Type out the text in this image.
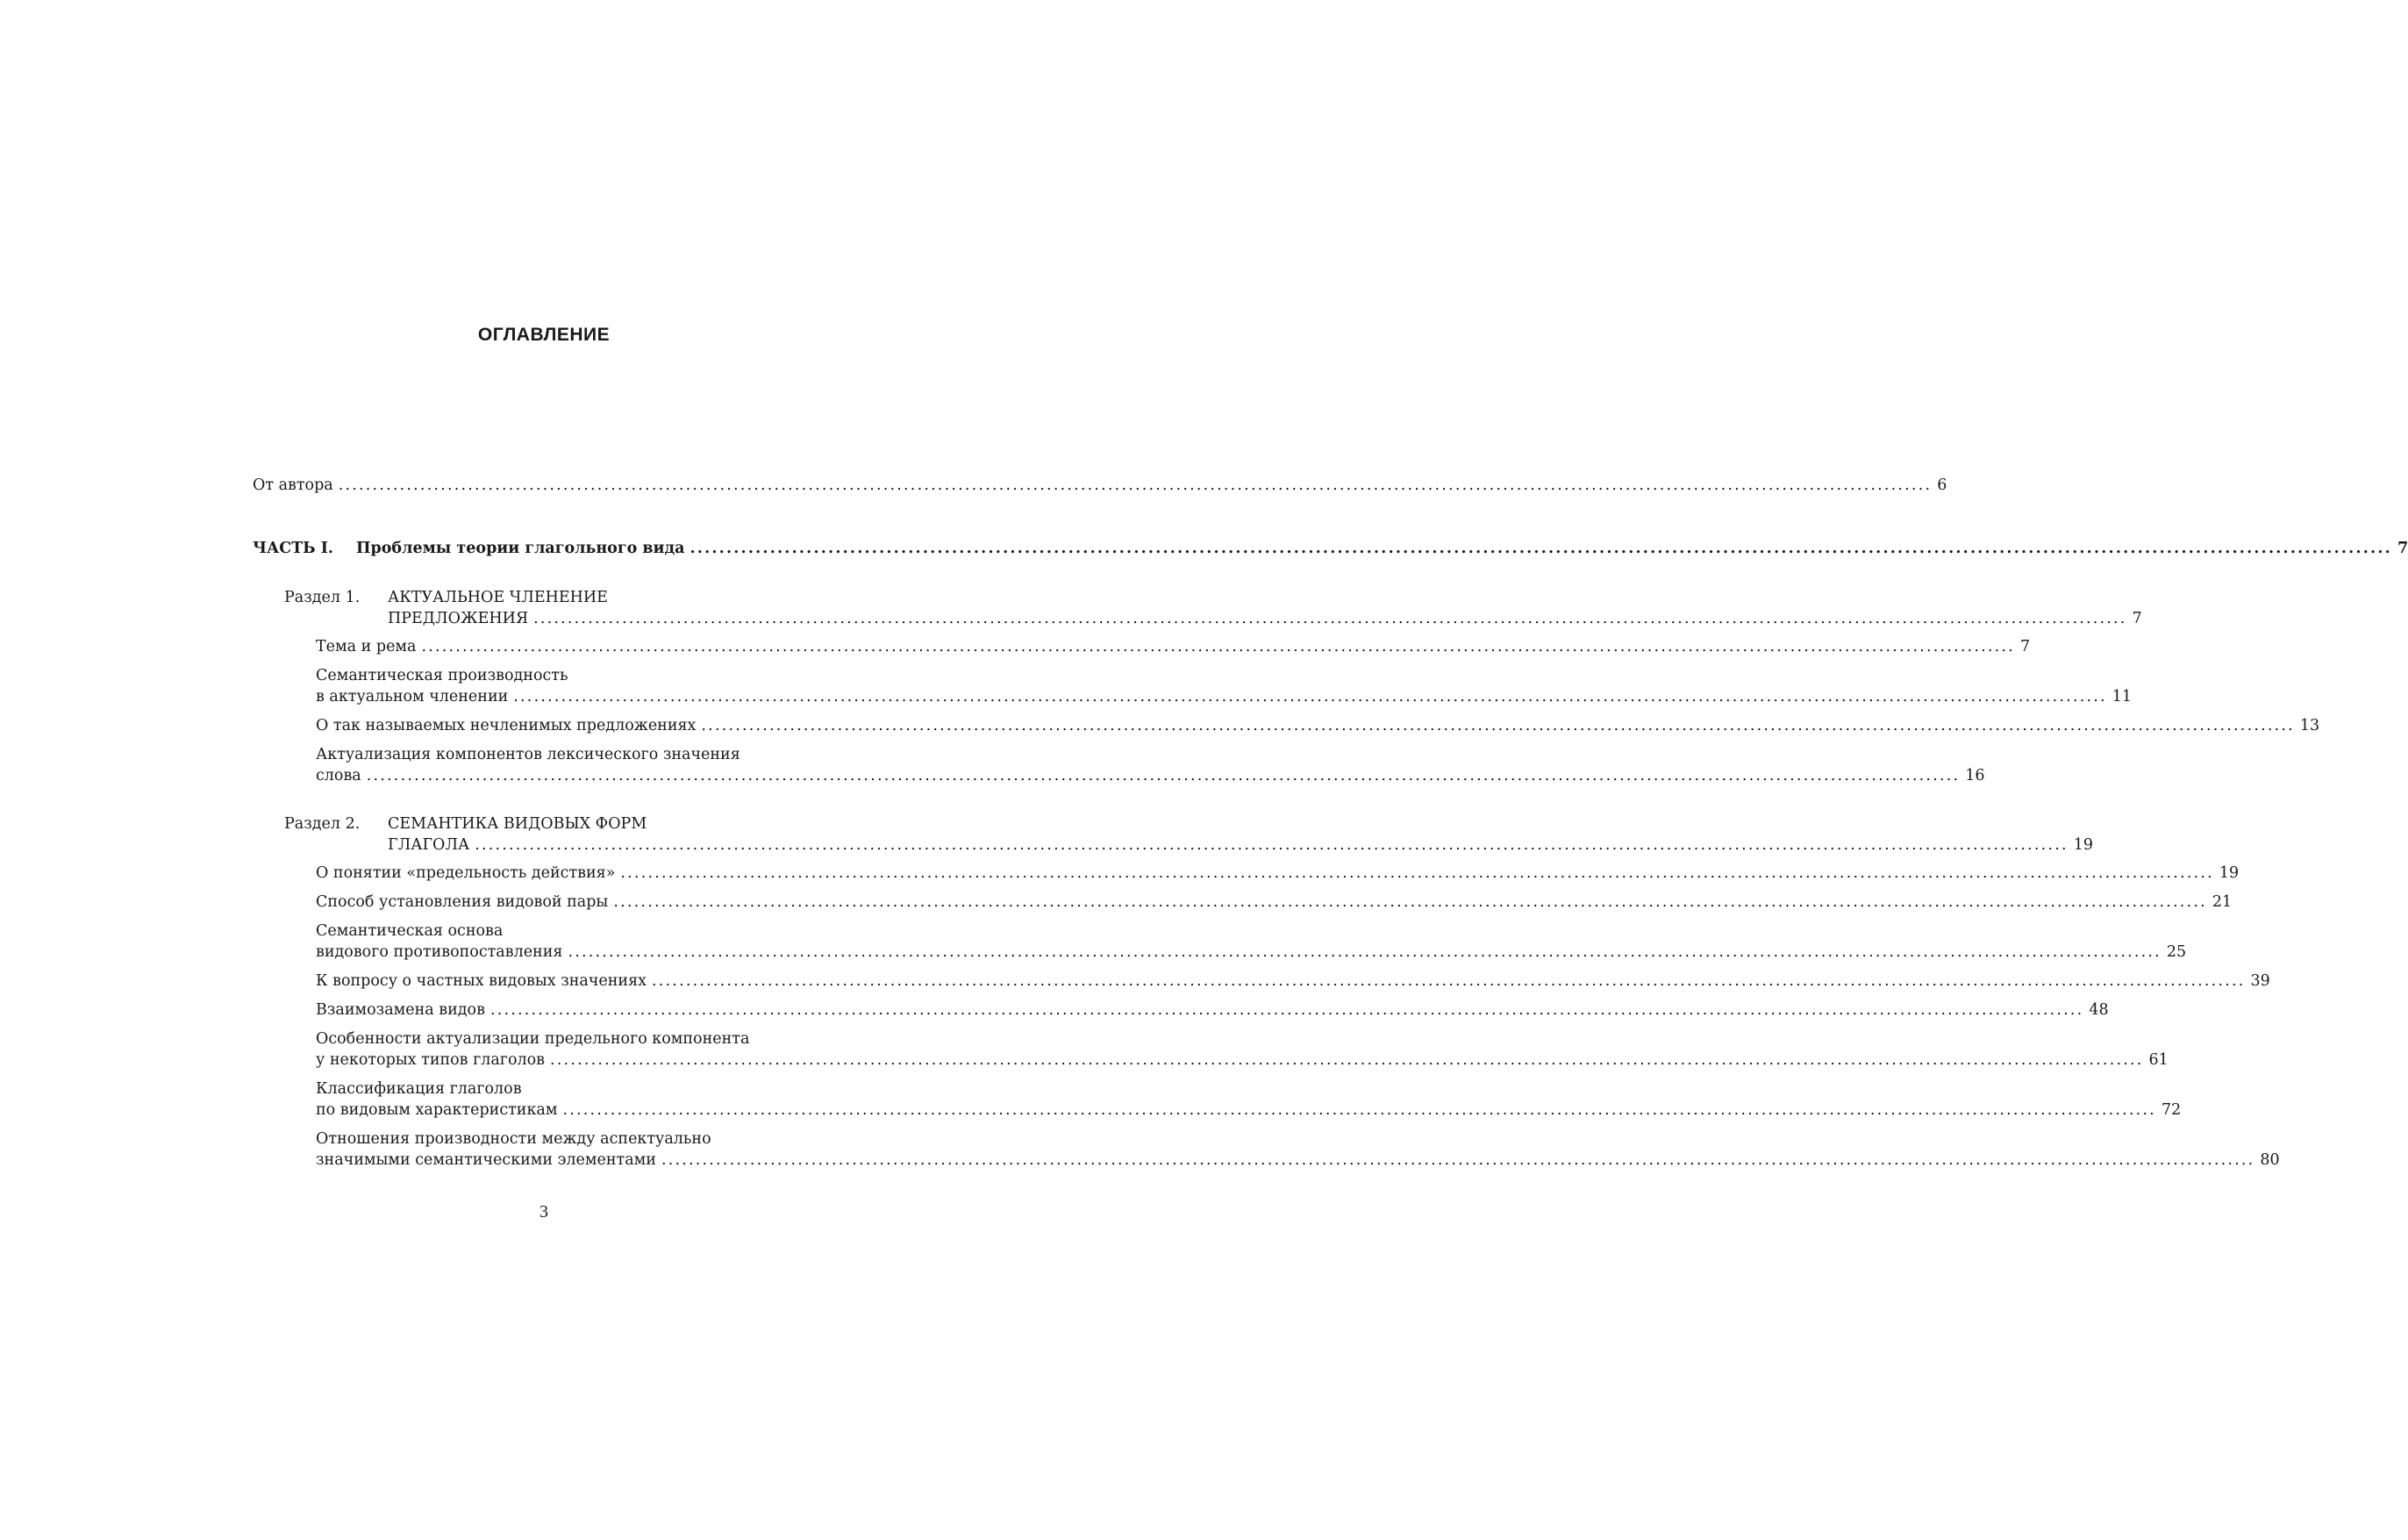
ОГЛАВЛЕНИЕ
От автора .....	6
ЧАСТЬ I. Проблемы теории глагольного вида .....	7
Раздел 1.	АКТУАЛЬНОЕ ЧЛЕНЕНИЕ
ПРЕДЛОЖЕНИЯ .....	7
Тема и рема .....	7
Семантическая производность
в актуальном членении .....	11
О так называемых нечленимых предложениях .....	13
Актуализация компонентов лексического значения
слова .....	16
Раздел 2.	СЕМАНТИКА ВИДОВЫХ ФОРМ
ГЛАГОЛА .....	19
О понятии «предельность действия» .....	19
Способ установления видовой пары .....	21
Семантическая основа
видового противопоставления .....	25
К вопросу о частных видовых значениях .....	39
Взаимозамена видов .....	48
Особенности актуализации предельного компонента
у некоторых типов глаголов .....	61
Классификация глаголов
по видовым характеристикам .....	72
Отношения производности между аспектуально
значимыми семантическими элементами .....	80
3
